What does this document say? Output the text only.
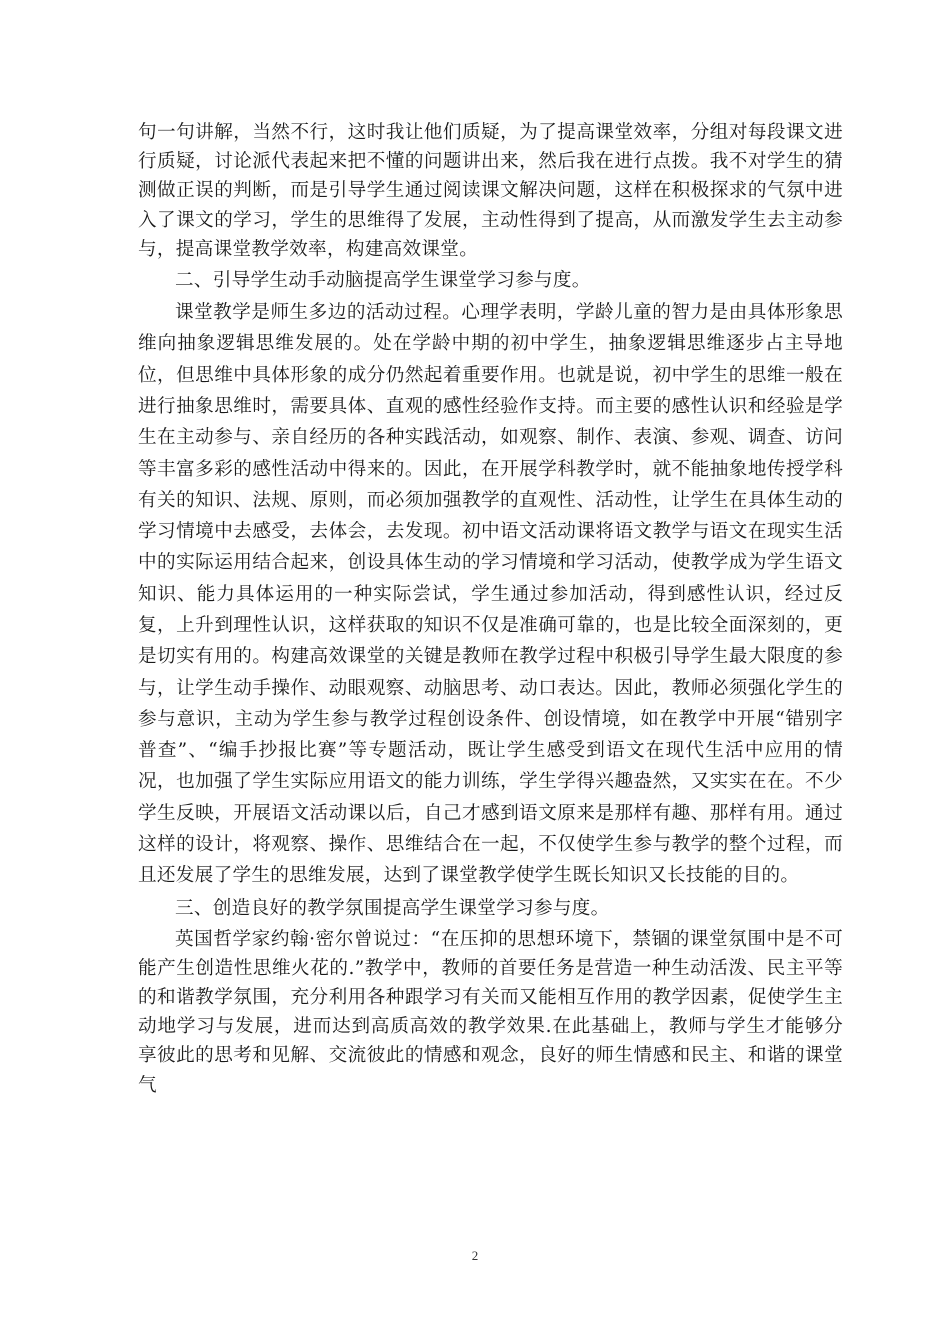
句一句讲解，当然不行，这时我让他们质疑，为了提高课堂效率，分组对每段课文进行质疑，讨论派代表起来把不懂的问题讲出来，然后我在进行点拨。我不对学生的猜测做正误的判断，而是引导学生通过阅读课文解决问题，这样在积极探求的气氛中进入了课文的学习，学生的思维得了发展，主动性得到了提高，从而激发学生去主动参与，提高课堂教学效率，构建高效课堂。

二、引导学生动手动脑提高学生课堂学习参与度。

课堂教学是师生多边的活动过程。心理学表明，学龄儿童的智力是由具体形象思维向抽象逻辑思维发展的。处在学龄中期的初中学生，抽象逻辑思维逐步占主导地位，但思维中具体形象的成分仍然起着重要作用。也就是说，初中学生的思维一般在进行抽象思维时，需要具体、直观的感性经验作支持。而主要的感性认识和经验是学生在主动参与、亲自经历的各种实践活动，如观察、制作、表演、参观、调查、访问等丰富多彩的感性活动中得来的。因此，在开展学科教学时，就不能抽象地传授学科有关的知识、法规、原则，而必须加强教学的直观性、活动性，让学生在具体生动的学习情境中去感受，去体会，去发现。初中语文活动课将语文教学与语文在现实生活中的实际运用结合起来，创设具体生动的学习情境和学习活动，使教学成为学生语文知识、能力具体运用的一种实际尝试，学生通过参加活动，得到感性认识，经过反复，上升到理性认识，这样获取的知识不仅是准确可靠的，也是比较全面深刻的，更是切实有用的。构建高效课堂的关键是教师在教学过程中积极引导学生最大限度的参与，让学生动手操作、动眼观察、动脑思考、动口表达。因此，教师必须强化学生的参与意识，主动为学生参与教学过程创设条件、创设情境，如在教学中开展“错别字普查”、“编手抄报比赛”等专题活动，既让学生感受到语文在现代生活中应用的情况，也加强了学生实际应用语文的能力训练，学生学得兴趣盎然，又实实在在。不少学生反映，开展语文活动课以后，自己才感到语文原来是那样有趣、那样有用。通过这样的设计，将观察、操作、思维结合在一起，不仅使学生参与教学的整个过程，而且还发展了学生的思维发展，达到了课堂教学使学生既长知识又长技能的目的。

三、创造良好的教学氛围提高学生课堂学习参与度。

英国哲学家约翰·密尔曾说过：“在压抑的思想环境下，禁锢的课堂氛围中是不可能产生创造性思维火花的.”教学中，教师的首要任务是营造一种生动活泼、民主平等的和谐教学氛围，充分利用各种跟学习有关而又能相互作用的教学因素，促使学生主动地学习与发展，进而达到高质高效的教学效果.在此基础上，教师与学生才能够分享彼此的思考和见解、交流彼此的情感和观念，良好的师生情感和民主、和谐的课堂气

2
